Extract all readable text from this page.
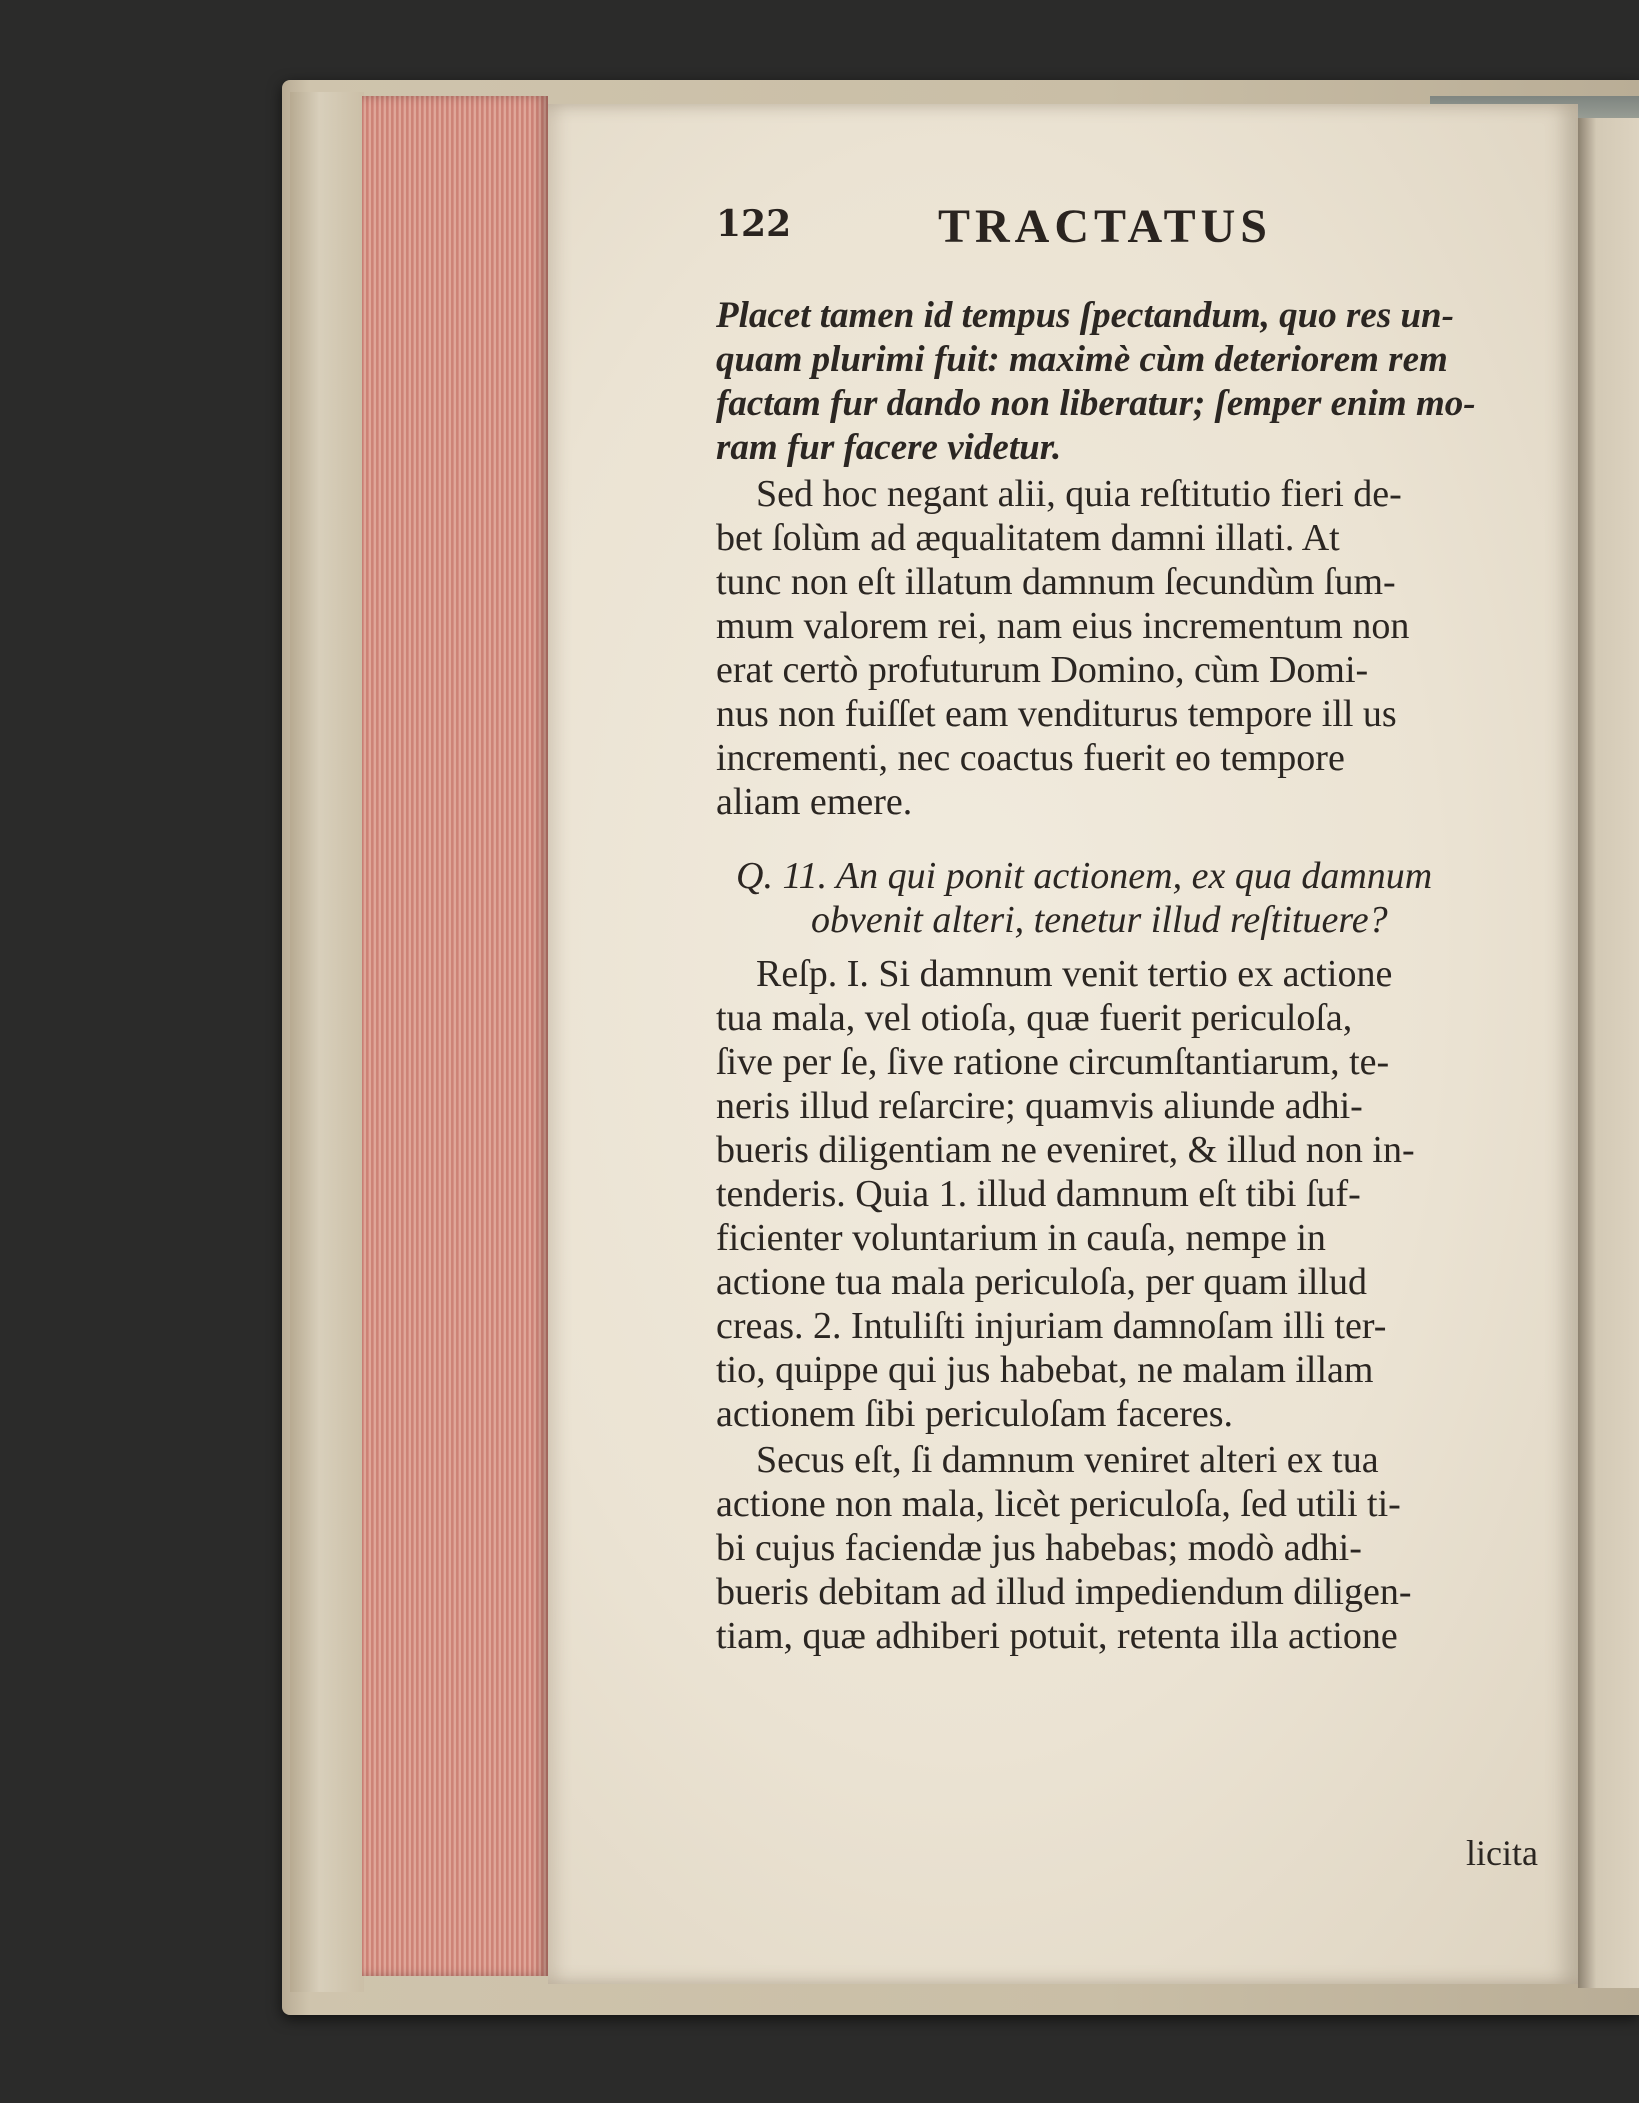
122	TRACTATUS
Placet tamen id tempus ſpectandum, quo res un-
quam plurimi fuit: maximè cùm deteriorem rem
factam fur dando non liberatur; ſemper enim mo-
ram fur facere videtur.
Sed hoc negant alii, quia reſtitutio fieri de-
bet ſolùm ad æqualitatem damni illati. At
tunc non eſt illatum damnum ſecundùm ſum-
mum valorem rei, nam eius incrementum non
erat certò profuturum Domino, cùm Domi-
nus non fuiſſet eam venditurus tempore ill us
incrementi, nec coactus fuerit eo tempore
aliam emere.
Q. 11. An qui ponit actionem, ex qua damnum
obvenit alteri, tenetur illud reſtituere?
Reſp. I. Si damnum venit tertio ex actione
tua mala, vel otioſa, quæ fuerit periculoſa,
ſive per ſe, ſive ratione circumſtantiarum, te-
neris illud reſarcire; quamvis aliunde adhi-
bueris diligentiam ne eveniret, & illud non in-
tenderis. Quia 1. illud damnum eſt tibi ſuf-
ficienter voluntarium in cauſa, nempe in
actione tua mala periculoſa, per quam illud
creas. 2. Intuliſti injuriam damnoſam illi ter-
tio, quippe qui jus habebat, ne malam illam
actionem ſibi periculoſam faceres.
Secus eſt, ſi damnum veniret alteri ex tua
actione non mala, licèt periculoſa, ſed utili ti-
bi cujus faciendæ jus habebas; modò adhi-
bueris debitam ad illud impediendum diligen-
tiam, quæ adhiberi potuit, retenta illa actione
licita
